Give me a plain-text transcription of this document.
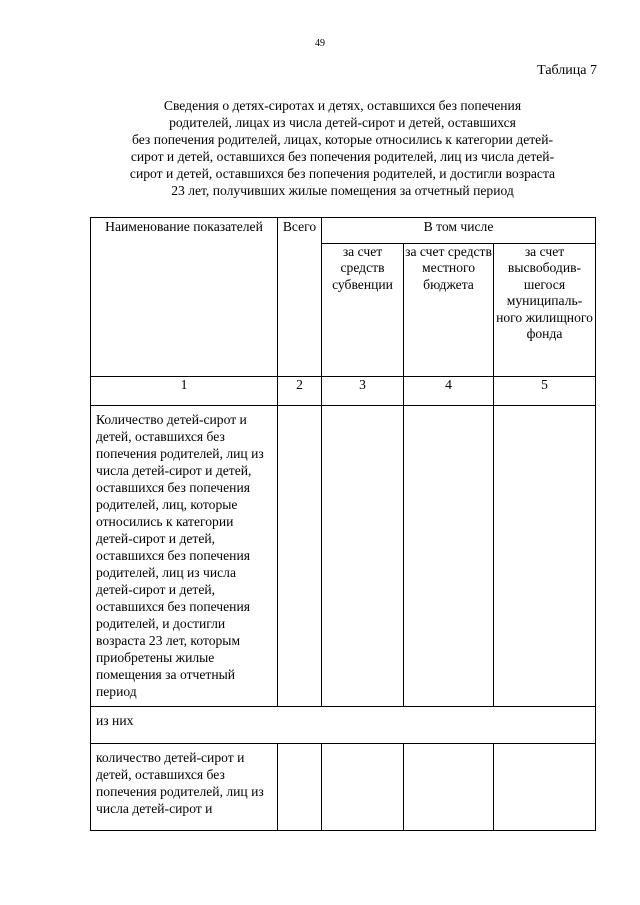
49
Таблица 7
Сведения о детях-сиротах и детях, оставшихся без попечения
родителей, лицах из числа детей-сирот и детей, оставшихся
без попечения родителей, лицах, которые относились к категории детей-
сирот и детей, оставшихся без попечения родителей, лиц из числа детей-
сирот и детей, оставшихся без попечения родителей, и достигли возраста
23 лет, получивших жилые помещения за отчетный период
Наименование показателей	Всего	В том числе		
		за счет средств субвенции	за счет средств местного бюджета	за счет высвободив-шегося муниципаль-ного жилищного фонда
1	2	3	4	5
Количество детей-сирот и детей, оставшихся без попечения родителей, лиц из числа детей-сирот и детей, оставшихся без попечения родителей, лиц, которые относились к категории детей-сирот и детей, оставшихся без попечения родителей, лиц из числа детей-сирот и детей, оставшихся без попечения родителей, и достигли возраста 23 лет, которым приобретены жилые помещения за отчетный период				
из них				
количество детей-сирот и детей, оставшихся без попечения родителей, лиц из числа детей-сирот и				
